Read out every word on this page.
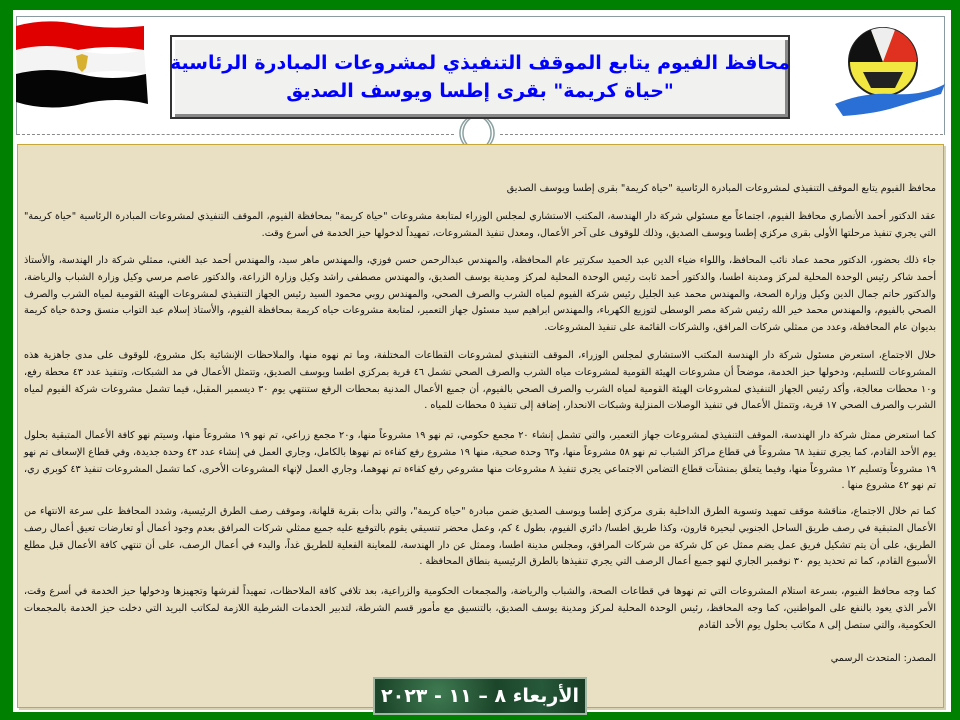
محافظ الفيوم يتابع الموقف التنفيذي لمشروعات المبادرة الرئاسية
"حياة كريمة" بقرى إطسا ويوسف الصديق

محافظ الفيوم يتابع الموقف التنفيذي لمشروعات المبادرة الرئاسية "حياة كريمة" بقرى إطسا ويوسف الصديق

عقد الدكتور أحمد الأنصاري محافظ الفيوم، اجتماعاً مع مسئولي شركة دار الهندسة، المكتب الاستشاري لمجلس الوزراء لمتابعة مشروعات "حياة كريمة" بمحافظة الفيوم، الموقف التنفيذي لمشروعات المبادرة الرئاسية "حياة كريمة" التي يجري تنفيذ مرحلتها الأولى بقرى مركزي إطسا ويوسف الصديق، وذلك للوقوف على آخر الأعمال، ومعدل تنفيذ المشروعات، تمهيداً لدخولها حيز الخدمة في أسرع وقت.

جاء ذلك بحضور، الدكتور محمد عماد نائب المحافظ، واللواء ضياء الدين عبد الحميد سكرتير عام المحافظة، والمهندس عبدالرحمن حسن فوزي، والمهندس ماهر سيد، والمهندس أحمد عبد الغني، ممثلي شركة دار الهندسة، والأستاذ أحمد شاكر رئيس الوحدة المحلية لمركز ومدينة اطسا، والدكتور أحمد ثابت رئيس الوحدة المحلية لمركز ومدينة يوسف الصديق، والمهندس مصطفى راشد وكيل وزارة الزراعة، والدكتور عاصم مرسي وكيل وزارة الشباب والرياضة، والدكتور حاتم جمال الدين وكيل وزارة الصحة، والمهندس محمد عبد الجليل رئيس شركة الفيوم لمياه الشرب والصرف الصحي، والمهندس روبي محمود السيد رئيس الجهاز التنفيذي لمشروعات الهيئة القومية لمياه الشرب والصرف الصحي بالفيوم، والمهندس محمد خير الله رئيس شركة مصر الوسطى لتوزيع الكهرباء، والمهندس ابراهيم سيد مسئول جهاز التعمير، لمتابعة مشروعات حياه كريمة بمحافظة الفيوم، والأستاذ إسلام عبد التواب منسق وحدة حياة كريمة بديوان عام المحافظة، وعدد من ممثلي شركات المرافق، والشركات القائمة على تنفيذ المشروعات.

خلال الاجتماع، استعرض مسئول شركة دار الهندسة المكتب الاستشاري لمجلس الوزراء، الموقف التنفيذي لمشروعات القطاعات المختلفة، وما تم نهوه منها، والملاحظات الإنشائية بكل مشروع، للوقوف على مدى جاهزية هذه المشروعات للتسليم، ودخولها حيز الخدمة، موضحاً أن مشروعات الهيئة القومية لمشروعات مياه الشرب والصرف الصحي تشمل ٤٦ قرية بمركزي اطسا ويوسف الصديق، وتتمثل الأعمال في مد الشبكات، وتنفيذ عدد ٤٣ محطة رفع، و١٠ محطات معالجة، وأكد رئيس الجهاز التنفيذي لمشروعات الهيئة القومية لمياه الشرب والصرف الصحي بالفيوم، أن جميع الأعمال المدنية بمحطات الرفع ستنتهي يوم ٣٠ ديسمبر المقبل، فيما تشمل مشروعات شركة الفيوم لمياه الشرب والصرف الصحي ١٧ قرية، وتتمثل الأعمال في تنفيذ الوصلات المنزلية وشبكات الانحدار، إضافة إلى تنفيذ ٥ محطات للمياه .

كما استعرض ممثل شركة دار الهندسة، الموقف التنفيذي لمشروعات جهاز التعمير، والتي تشمل إنشاء ٢٠ مجمع حكومي، تم نهو ١٩ مشروعاً منها، و٢٠ مجمع زراعي، تم نهو ١٩ مشروعاً منها، وسيتم نهو كافة الأعمال المتبقية بحلول يوم الأحد القادم، كما يجري تنفيذ ٦٨ مشروعاً في قطاع مراكز الشباب تم نهو ٥٨ مشروعاً منها، و٦٣ وحدة صحية، منها ١٩ مشروع رفع كفاءة تم نهوها بالكامل، وجاري العمل في إنشاء عدد ٤٣ وحدة جديدة، وفي قطاع الإسعاف تم نهو ١٩ مشروعاً وتسليم ١٢ مشروعاً منها، وفيما يتعلق بمنشآت قطاع التضامن الاجتماعي يجري تنفيذ ٨ مشروعات منها مشروعي رفع كفاءة تم نهوهما، وجاري العمل لإنهاء المشروعات الأخرى، كما تشمل المشروعات تنفيذ ٤٣ كوبري ري، تم نهو ٤٢ مشروع منها .

كما تم خلال الاجتماع، مناقشة موقف تمهيد وتسوية الطرق الداخلية بقرى مركزي إطسا ويوسف الصديق ضمن مبادرة "حياة كريمة"، والتي بدأت بقرية قلهانة، وموقف رصف الطرق الرئيسية، وشدد المحافظ على سرعة الانتهاء من الأعمال المتبقية في رصف طريق الساحل الجنوبي لبحيرة قارون، وكذا طريق اطسا/ دائري الفيوم، بطول ٤ كم، وعمل محضر تنسيقي يقوم بالتوقيع عليه جميع ممثلي شركات المرافق بعدم وجود أعمال أو تعارضات تعيق أعمال رصف الطريق، على أن يتم تشكيل فريق عمل يضم ممثل عن كل شركة من شركات المرافق، ومجلس مدينة اطسا، وممثل عن دار الهندسة، للمعاينة الفعلية للطريق غداً، والبدء في أعمال الرصف، على أن تنتهي كافة الأعمال قبل مطلع الأسبوع القادم، كما تم تحديد يوم ٣٠ نوفمبر الجاري لنهو جميع أعمال الرصف التي يجري تنفيذها بالطرق الرئيسية بنطاق المحافظة .

كما وجه محافظ الفيوم، بسرعة استلام المشروعات التي تم نهوها في قطاعات الصحة، والشباب والرياضة، والمجمعات الحكومية والزراعية، بعد تلافي كافة الملاحظات، تمهيداً لفرشها وتجهيزها ودخولها حيز الخدمة في أسرع وقت، الأمر الذي يعود بالنفع على المواطنين، كما وجه المحافظ، رئيس الوحدة المحلية لمركز ومدينة يوسف الصديق، بالتنسيق مع مأمور قسم الشرطة، لتدبير الخدمات الشرطية اللازمة لمكاتب البريد التي دخلت حيز الخدمة بالمجمعات الحكومية، والتي ستصل إلى ٨ مكاتب بحلول يوم الأحد القادم

المصدر: المتحدث الرسمي

الأربعاء ٨ – ١١ - ٢٠٢٣
